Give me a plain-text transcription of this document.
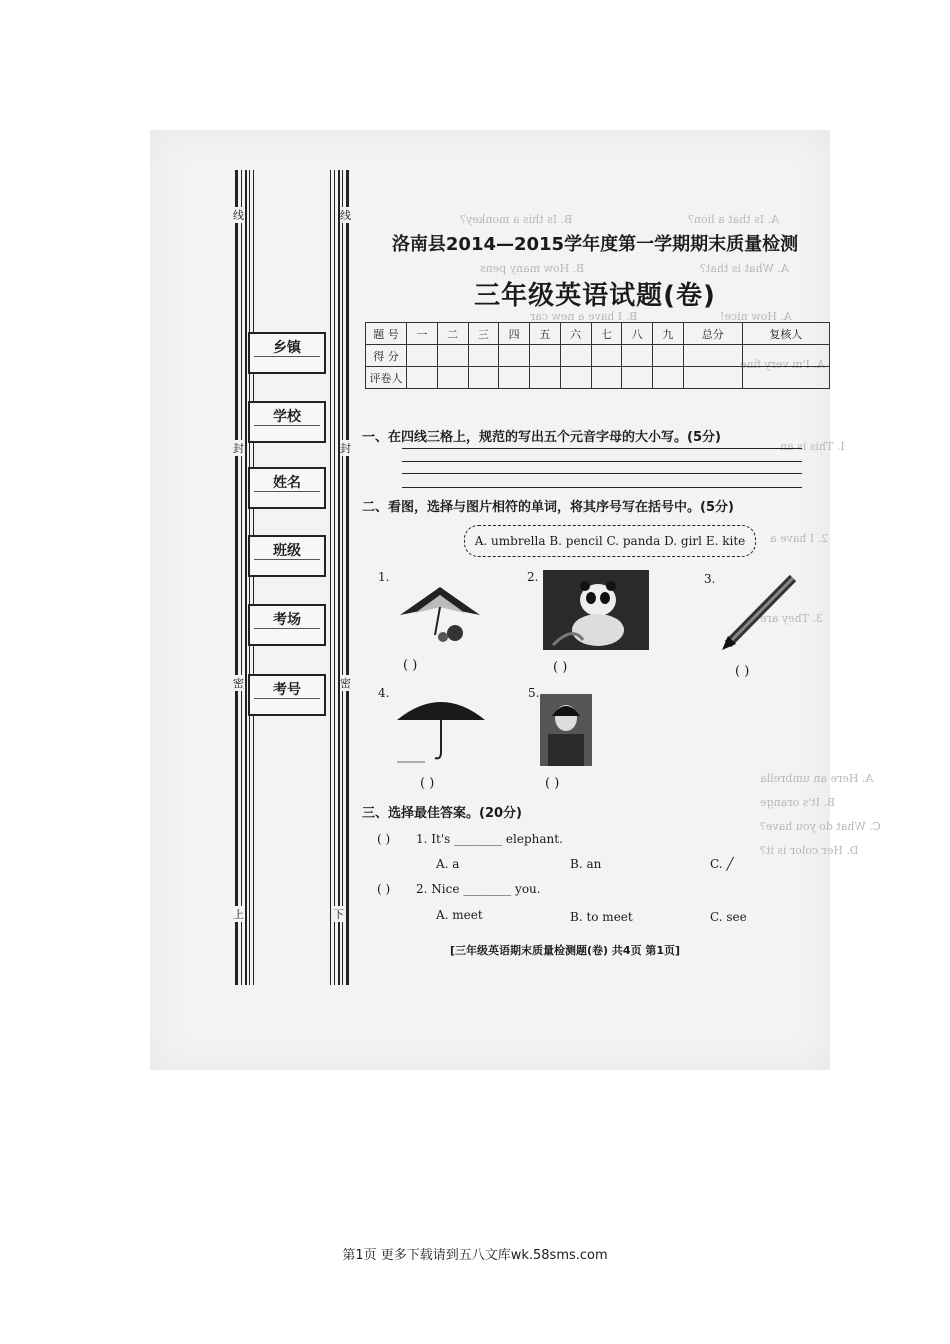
A. Is that a lion?
B. Is this a monkey?
A. What is that?
B. How many pens
A. How nice!
B. I have a new car
A. I'm very fine
I. This is an
2. I have a
3. They are
A. Here an umbrella
B. It's orange
C. What do you have?
D. Her color is it?
线	线
封	封
密	密
上	下
乡镇
学校
姓名
班级
考场
考号
洛南县2014—2015学年度第一学期期末质量检测
三年级英语试题(卷)
题 号	一	二	三	四	五	六	七	八	九	总分	复核人
得 分											
评卷人											
一、在四线三格上，规范的写出五个元音字母的大小写。(5分)
二、看图，选择与图片相符的单词，将其序号写在括号中。(5分)
A. umbrella B. pencil C. panda D. girl E. kite
1.
( )
2.
( )
3.
( )
4.
( )
5.
( )
三、选择最佳答案。(20分)
( ) 1. It's ________ elephant.
A. a	B. an	C. ╱
( ) 2. Nice ________ you.
A. meet	B. to meet	C. see
[三年级英语期末质量检测题(卷) 共4页 第1页]
第1页 更多下载请到五八文库wk.58sms.com
